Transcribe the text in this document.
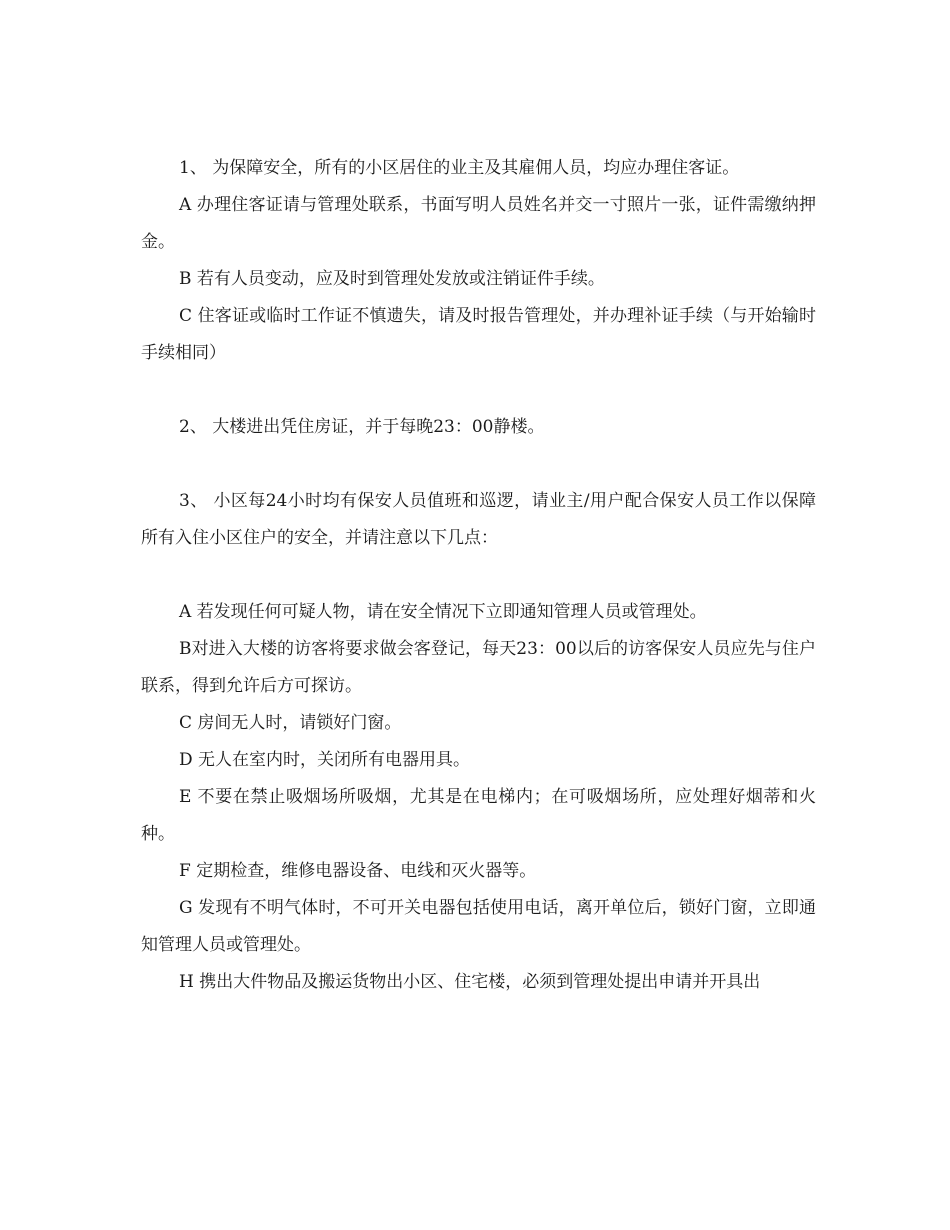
1、 为保障安全，所有的小区居住的业主及其雇佣人员，均应办理住客证。

A 办理住客证请与管理处联系，书面写明人员姓名并交一寸照片一张，证件需缴纳押金。

B 若有人员变动，应及时到管理处发放或注销证件手续。

C 住客证或临时工作证不慎遗失，请及时报告管理处，并办理补证手续（与开始输时手续相同）

2、 大楼进出凭住房证，并于每晚23：00静楼。

3、 小区每24小时均有保安人员值班和巡逻，请业主/用户配合保安人员工作以保障所有入住小区住户的安全，并请注意以下几点：

A 若发现任何可疑人物，请在安全情况下立即通知管理人员或管理处。

B对进入大楼的访客将要求做会客登记，每天23：00以后的访客保安人员应先与住户联系，得到允许后方可探访。

C 房间无人时，请锁好门窗。

D 无人在室内时，关闭所有电器用具。

E 不要在禁止吸烟场所吸烟，尤其是在电梯内；在可吸烟场所，应处理好烟蒂和火种。

F 定期检查，维修电器设备、电线和灭火器等。

G 发现有不明气体时，不可开关电器包括使用电话，离开单位后，锁好门窗，立即通知管理人员或管理处。

H 携出大件物品及搬运货物出小区、住宅楼，必须到管理处提出申请并开具出
